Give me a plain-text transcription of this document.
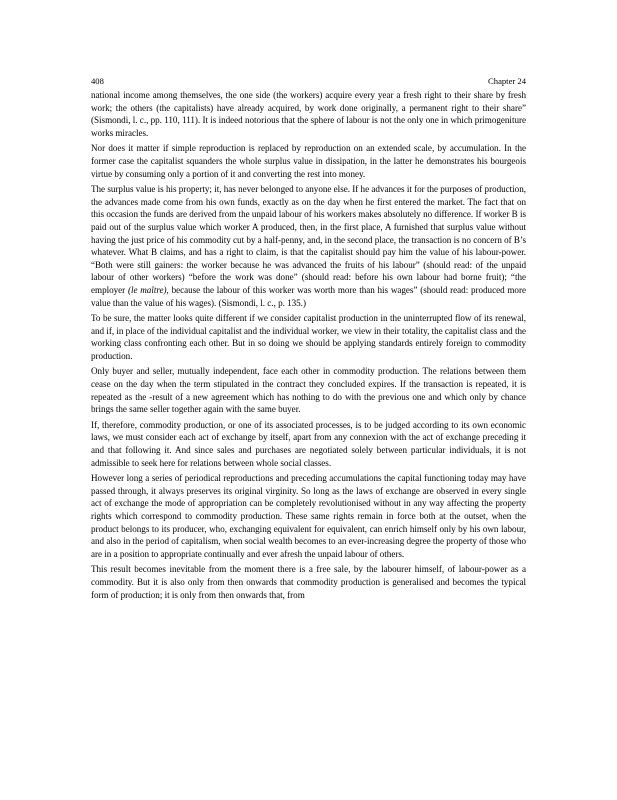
408	Chapter 24

national income among themselves, the one side (the workers) acquire every year a fresh right to their share by fresh work; the others (the capitalists) have already acquired, by work done originally, a permanent right to their share” (Sismondi, l. c., pp. 110, 111). It is indeed notorious that the sphere of labour is not the only one in which primogeniture works miracles.

Nor does it matter if simple reproduction is replaced by reproduction on an extended scale, by accumulation. In the former case the capitalist squanders the whole surplus value in dissipation, in the latter he demonstrates his bourgeois virtue by consuming only a portion of it and converting the rest into money.

The surplus value is his property; it, has never belonged to anyone else. If he advances it for the purposes of production, the advances made come from his own funds, exactly as on the day when he first entered the market. The fact that on this occasion the funds are derived from the unpaid labour of his workers makes absolutely no difference. If worker B is paid out of the surplus value which worker A produced, then, in the first place, A furnished that surplus value without having the just price of his commodity cut by a half-penny, and, in the second place, the transaction is no concern of B’s whatever. What B claims, and has a right to claim, is that the capitalist should pay him the value of his labour-power. “Both were still gainers: the worker because he was advanced the fruits of his labour” (should read: of the unpaid labour of other workers) “before the work was done” (should read: before his own labour had borne fruit); “the employer (le maître), because the labour of this worker was worth more than his wages” (should read: produced more value than the value of his wages). (Sismondi, l. c., p. 135.)

To be sure, the matter looks quite different if we consider capitalist production in the uninterrupted flow of its renewal, and if, in place of the individual capitalist and the individual worker, we view in their totality, the capitalist class and the working class confronting each other. But in so doing we should be applying standards entirely foreign to commodity production.

Only buyer and seller, mutually independent, face each other in commodity production. The relations between them cease on the day when the term stipulated in the contract they concluded expires. If the transaction is repeated, it is repeated as the -result of a new agreement which has nothing to do with the previous one and which only by chance brings the same seller together again with the same buyer.

If, therefore, commodity production, or one of its associated processes, is to be judged according to its own economic laws, we must consider each act of exchange by itself, apart from any connexion with the act of exchange preceding it and that following it. And since sales and purchases are negotiated solely between particular individuals, it is not admissible to seek here for relations between whole social classes.

However long a series of periodical reproductions and preceding accumulations the capital functioning today may have passed through, it always preserves its original virginity. So long as the laws of exchange are observed in every single act of exchange the mode of appropriation can be completely revolutionised without in any way affecting the property rights which correspond to commodity production. These same rights remain in force both at the outset, when the product belongs to its producer, who, exchanging equivalent for equivalent, can enrich himself only by his own labour, and also in the period of capitalism, when social wealth becomes to an ever-increasing degree the property of those who are in a position to appropriate continually and ever afresh the unpaid labour of others.

This result becomes inevitable from the moment there is a free sale, by the labourer himself, of labour-power as a commodity. But it is also only from then onwards that commodity production is generalised and becomes the typical form of production; it is only from then onwards that, from
